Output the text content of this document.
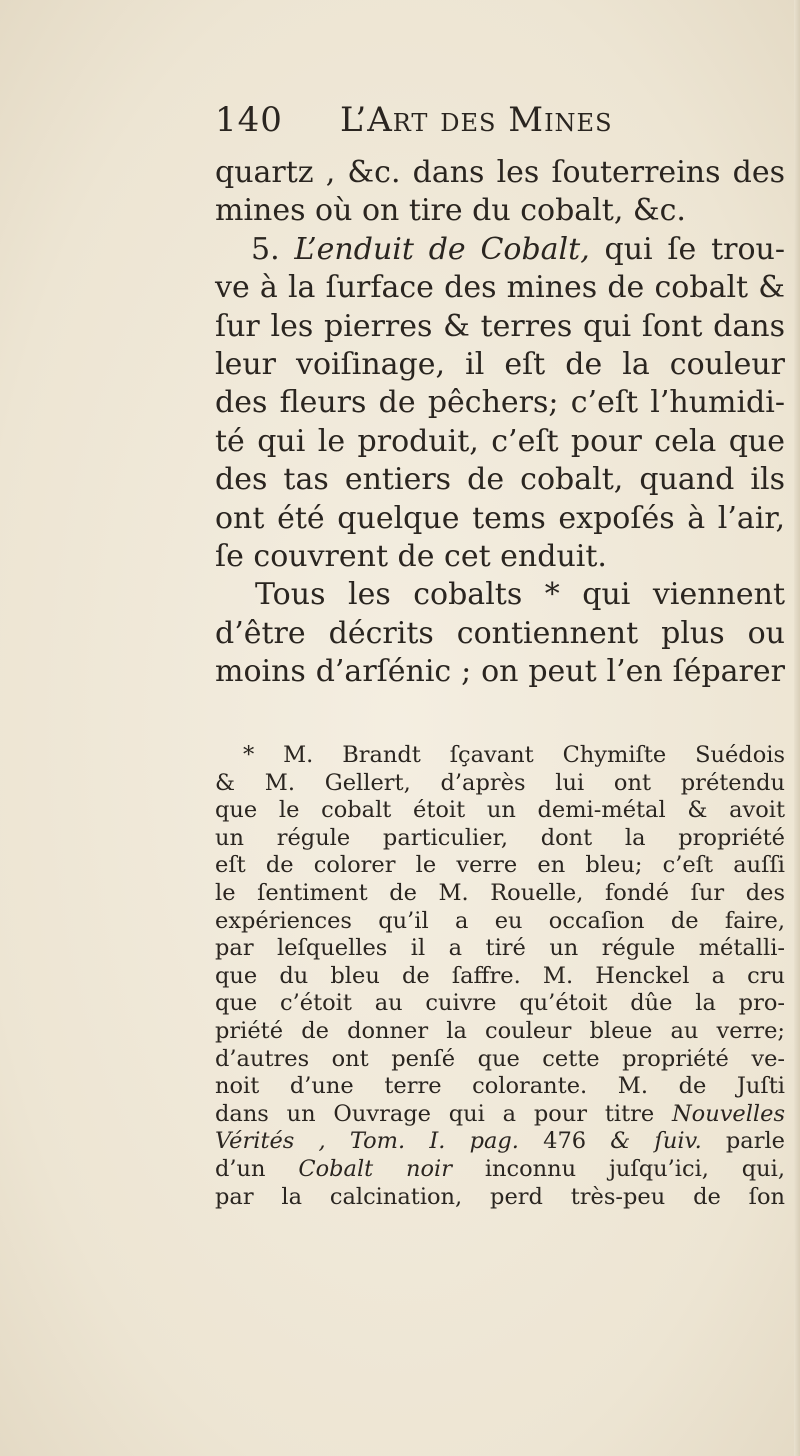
140 L’Art des Mines
quartz , &c. dans les ſouterreins des
mines où on tire du cobalt, &c.
5. L’enduit de Cobalt, qui ſe trou-
ve à la ſurface des mines de cobalt &
ſur les pierres & terres qui ſont dans
leur voiſinage, il eſt de la couleur
des fleurs de pêchers; c’eſt l’humidi-
té qui le produit, c’eſt pour cela que
des tas entiers de cobalt, quand ils
ont été quelque tems expoſés à l’air,
ſe couvrent de cet enduit.
Tous les cobalts * qui viennent
d’être décrits contiennent plus ou
moins d’arſénic ; on peut l’en ſéparer
* M. Brandt ſçavant Chymiſte Suédois
& M. Gellert, d’après lui ont prétendu
que le cobalt étoit un demi-métal & avoit
un régule particulier, dont la propriété
eſt de colorer le verre en bleu; c’eſt auſſi
le ſentiment de M. Rouelle, fondé ſur des
expériences qu’il a eu occaſion de faire,
par leſquelles il a tiré un régule métalli-
que du bleu de ſaffre. M. Henckel a cru
que c’étoit au cuivre qu’étoit dûe la pro-
priété de donner la couleur bleue au verre;
d’autres ont penſé que cette propriété ve-
noit d’une terre colorante. M. de Juſti
dans un Ouvrage qui a pour titre Nouvelles
Vérités , Tom. I. pag. 476 & ſuiv. parle
d’un Cobalt noir inconnu juſqu’ici, qui,
par la calcination, perd très-peu de ſon
